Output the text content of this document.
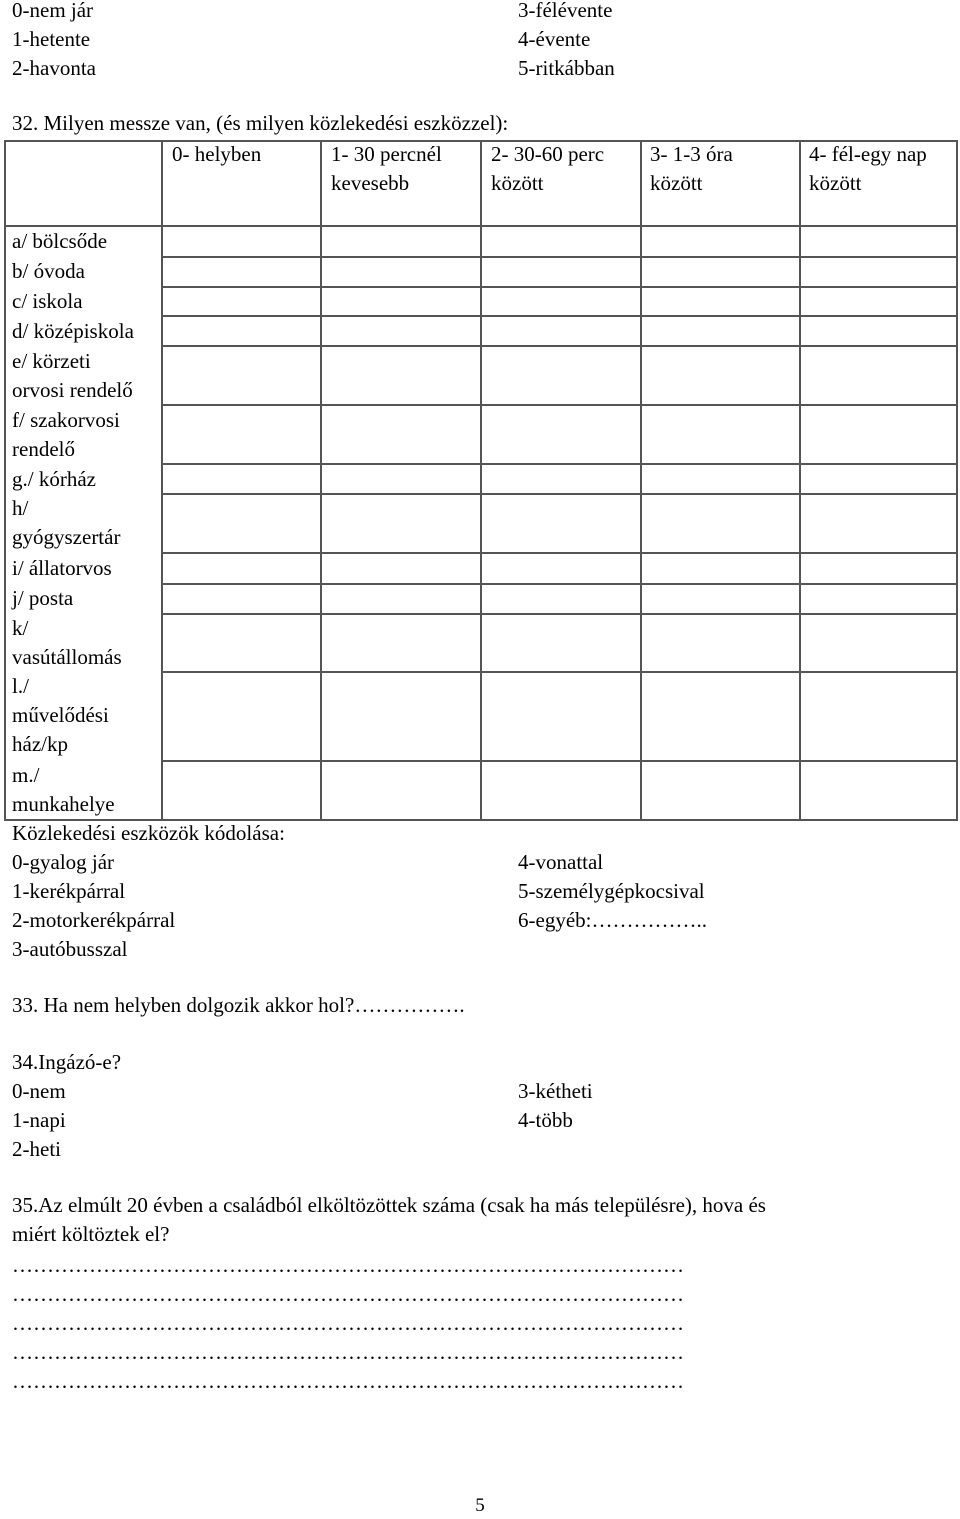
0-nem jár
1-hetente
2-havonta
3-félévente
4-évente
5-ritkábban
32. Milyen messze van, (és milyen közlekedési eszközzel):
0- helyben	1- 30 percnél
kevesebb
2- 30-60 perc
között
3- 1-3 óra
között
4- fél-egy nap
között
a/ bölcsőde
b/ óvoda
c/ iskola
d/ középiskola
e/ körzeti
orvosi rendelő
f/ szakorvosi
rendelő
g./ kórház
h/
gyógyszertár
i/ állatorvos
j/ posta
k/
vasútállomás
l./
művelődési
ház/kp
m./
munkahelye
Közlekedési eszközök kódolása:
0-gyalog jár
1-kerékpárral
2-motorkerékpárral
3-autóbusszal
4-vonattal
5-személygépkocsival
6-egyéb:……………..
33. Ha nem helyben dolgozik akkor hol?…………….
34.Ingázó-e?
0-nem
1-napi
2-heti
3-kétheti
4-több
35.Az elmúlt 20 évben a családból elköltözöttek száma (csak ha más településre), hova és
miért költöztek el?
……………………………………………………………………………………
……………………………………………………………………………………
……………………………………………………………………………………
……………………………………………………………………………………
……………………………………………………………………………………
5
